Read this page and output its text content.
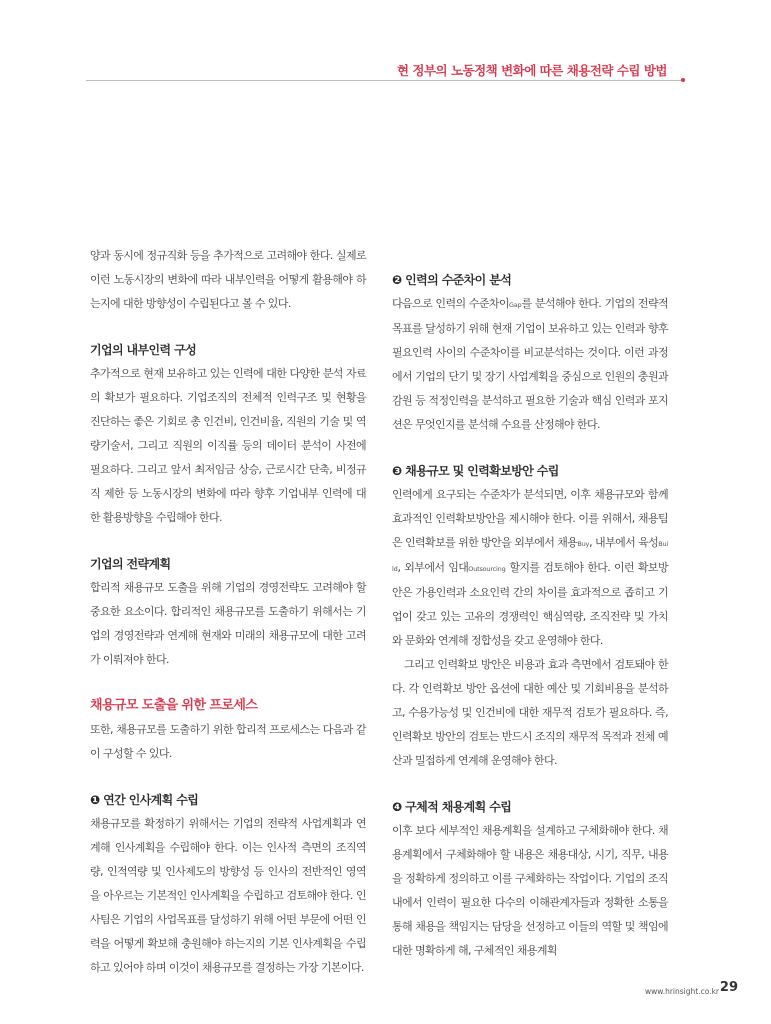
현 정부의 노동정책 변화에 따른 채용전략 수립 방법

양과 동시에 정규직화 등을 추가적으로 고려해야 한다. 실제로 이런 노동시장의 변화에 따라 내부인력을 어떻게 활용해야 하는지에 대한 방향성이 수립된다고 볼 수 있다.

기업의 내부인력 구성

추가적으로 현재 보유하고 있는 인력에 대한 다양한 분석 자료의 확보가 필요하다. 기업조직의 전체적 인력구조 및 현황을 진단하는 좋은 기회로 총 인건비, 인건비율, 직원의 기술 및 역량기술서, 그리고 직원의 이직률 등의 데이터 분석이 사전에 필요하다. 그리고 앞서 최저임금 상승, 근로시간 단축, 비정규직 제한 등 노동시장의 변화에 따라 향후 기업내부 인력에 대한 활용방향을 수립해야 한다.

기업의 전략계획

합리적 채용규모 도출을 위해 기업의 경영전략도 고려해야 할 중요한 요소이다. 합리적인 채용규모를 도출하기 위해서는 기업의 경영전략과 연계해 현재와 미래의 채용규모에 대한 고려가 이뤄져야 한다.

채용규모 도출을 위한 프로세스

또한, 채용규모를 도출하기 위한 합리적 프로세스는 다음과 같이 구성할 수 있다.

❶ 연간 인사계획 수립

채용규모를 확정하기 위해서는 기업의 전략적 사업계획과 연계해 인사계획을 수립해야 한다. 이는 인사적 측면의 조직역량, 인적역량 및 인사제도의 방향성 등 인사의 전반적인 영역을 아우르는 기본적인 인사계획을 수립하고 검토해야 한다. 인사팀은 기업의 사업목표를 달성하기 위해 어떤 부문에 어떤 인력을 어떻게 확보해 충원해야 하는지의 기본 인사계획을 수립하고 있어야 하며 이것이 채용규모를 결정하는 가장 기본이다.

❷ 인력의 수준차이 분석

다음으로 인력의 수준차이Gap를 분석해야 한다. 기업의 전략적 목표를 달성하기 위해 현재 기업이 보유하고 있는 인력과 향후 필요인력 사이의 수준차이를 비교분석하는 것이다. 이런 과정에서 기업의 단기 및 장기 사업계획을 중심으로 인원의 충원과 감원 등 적정인력을 분석하고 필요한 기술과 핵심 인력과 포지션은 무엇인지를 분석해 수요를 산정해야 한다.

❸ 채용규모 및 인력확보방안 수립

인력에게 요구되는 수준차가 분석되면, 이후 채용규모와 함께 효과적인 인력확보방안을 제시해야 한다. 이를 위해서, 채용팀은 인력확보를 위한 방안을 외부에서 채용Buy, 내부에서 육성Build, 외부에서 임대Outsourcing 할지를 검토해야 한다. 이런 확보방안은 가용인력과 소요인력 간의 차이를 효과적으로 좁히고 기업이 갖고 있는 고유의 경쟁력인 핵심역량, 조직전략 및 가치와 문화와 연계해 정합성을 갖고 운영해야 한다.

그리고 인력확보 방안은 비용과 효과 측면에서 검토돼야 한다. 각 인력확보 방안 옵션에 대한 예산 및 기회비용을 분석하고, 수용가능성 및 인건비에 대한 재무적 검토가 필요하다. 즉, 인력확보 방안의 검토는 반드시 조직의 재무적 목적과 전체 예산과 밀접하게 연계해 운영해야 한다.

❹ 구체적 채용계획 수립

이후 보다 세부적인 채용계획을 설계하고 구체화해야 한다. 채용계획에서 구체화해야 할 내용은 채용대상, 시기, 직무, 내용을 정확하게 정의하고 이를 구체화하는 작업이다. 기업의 조직 내에서 인력이 필요한 다수의 이해관계자들과 정확한 소통을 통해 채용을 책임지는 담당을 선정하고 이들의 역할 및 책임에 대한 명확하게 해, 구체적인 채용계획

www.hrinsight.co.kr 29
